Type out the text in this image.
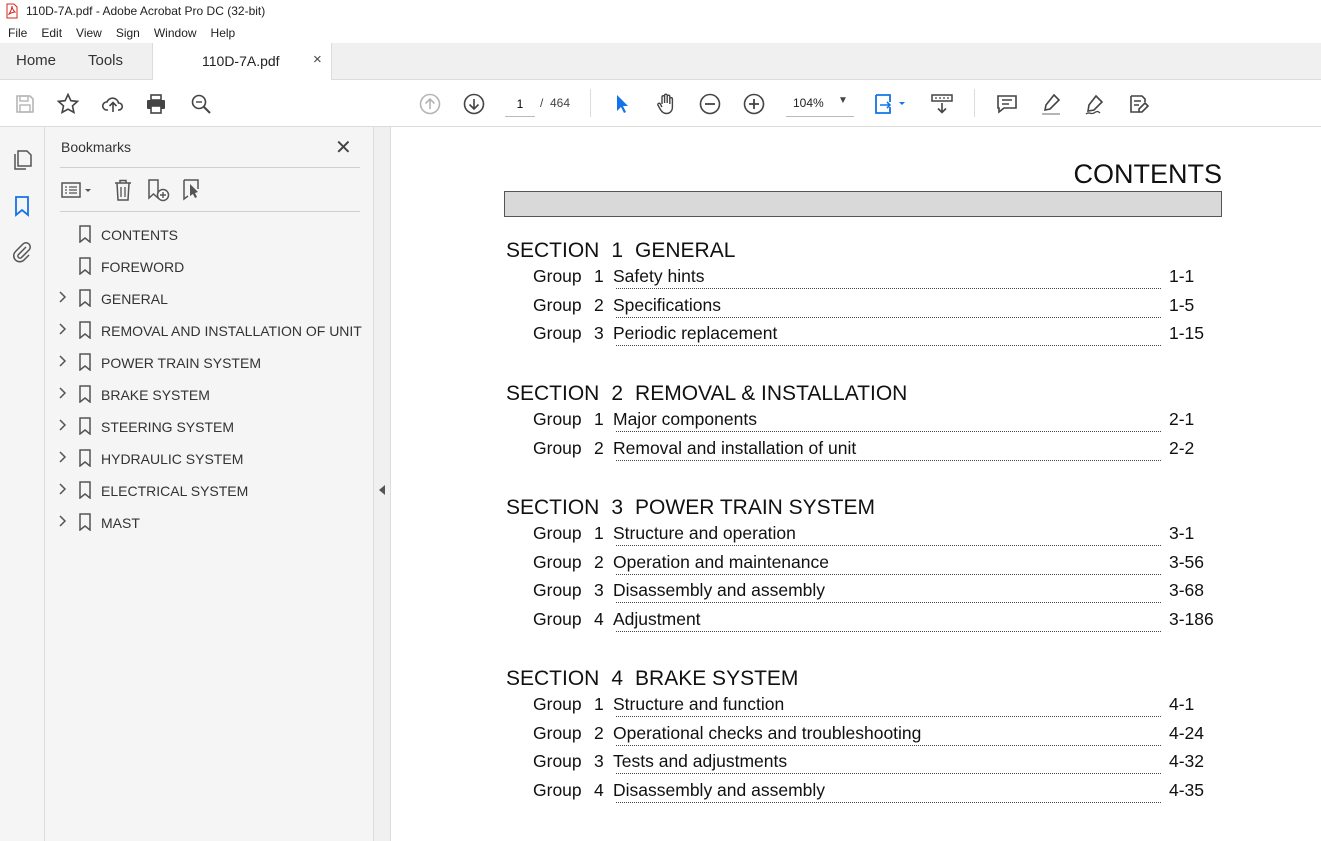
110D-7A.pdf - Adobe Acrobat Pro DC (32-bit)
File	Edit	View	Sign	Window	Help
Home Tools	110D-7A.pdf ×
1
/ 464	104% ▼
Bookmarks	✕
CONTENTS
FOREWORD
GENERAL
REMOVAL AND INSTALLATION OF UNIT
POWER TRAIN SYSTEM
BRAKE SYSTEM
STEERING SYSTEM
HYDRAULIC SYSTEM
ELECTRICAL SYSTEM
MAST
CONTENTS
SECTION 1 GENERAL
Group 1 Safety hints	1-1
Group 2 Specifications	1-5
Group 3 Periodic replacement	1-15
SECTION 2 REMOVAL & INSTALLATION
Group 1 Major components	2-1
Group 2 Removal and installation of unit	2-2
SECTION 3 POWER TRAIN SYSTEM
Group 1 Structure and operation	3-1
Group 2 Operation and maintenance	3-56
Group 3 Disassembly and assembly	3-68
Group 4 Adjustment	3-186
SECTION 4 BRAKE SYSTEM
Group 1 Structure and function	4-1
Group 2 Operational checks and troubleshooting	4-24
Group 3 Tests and adjustments	4-32
Group 4 Disassembly and assembly	4-35
